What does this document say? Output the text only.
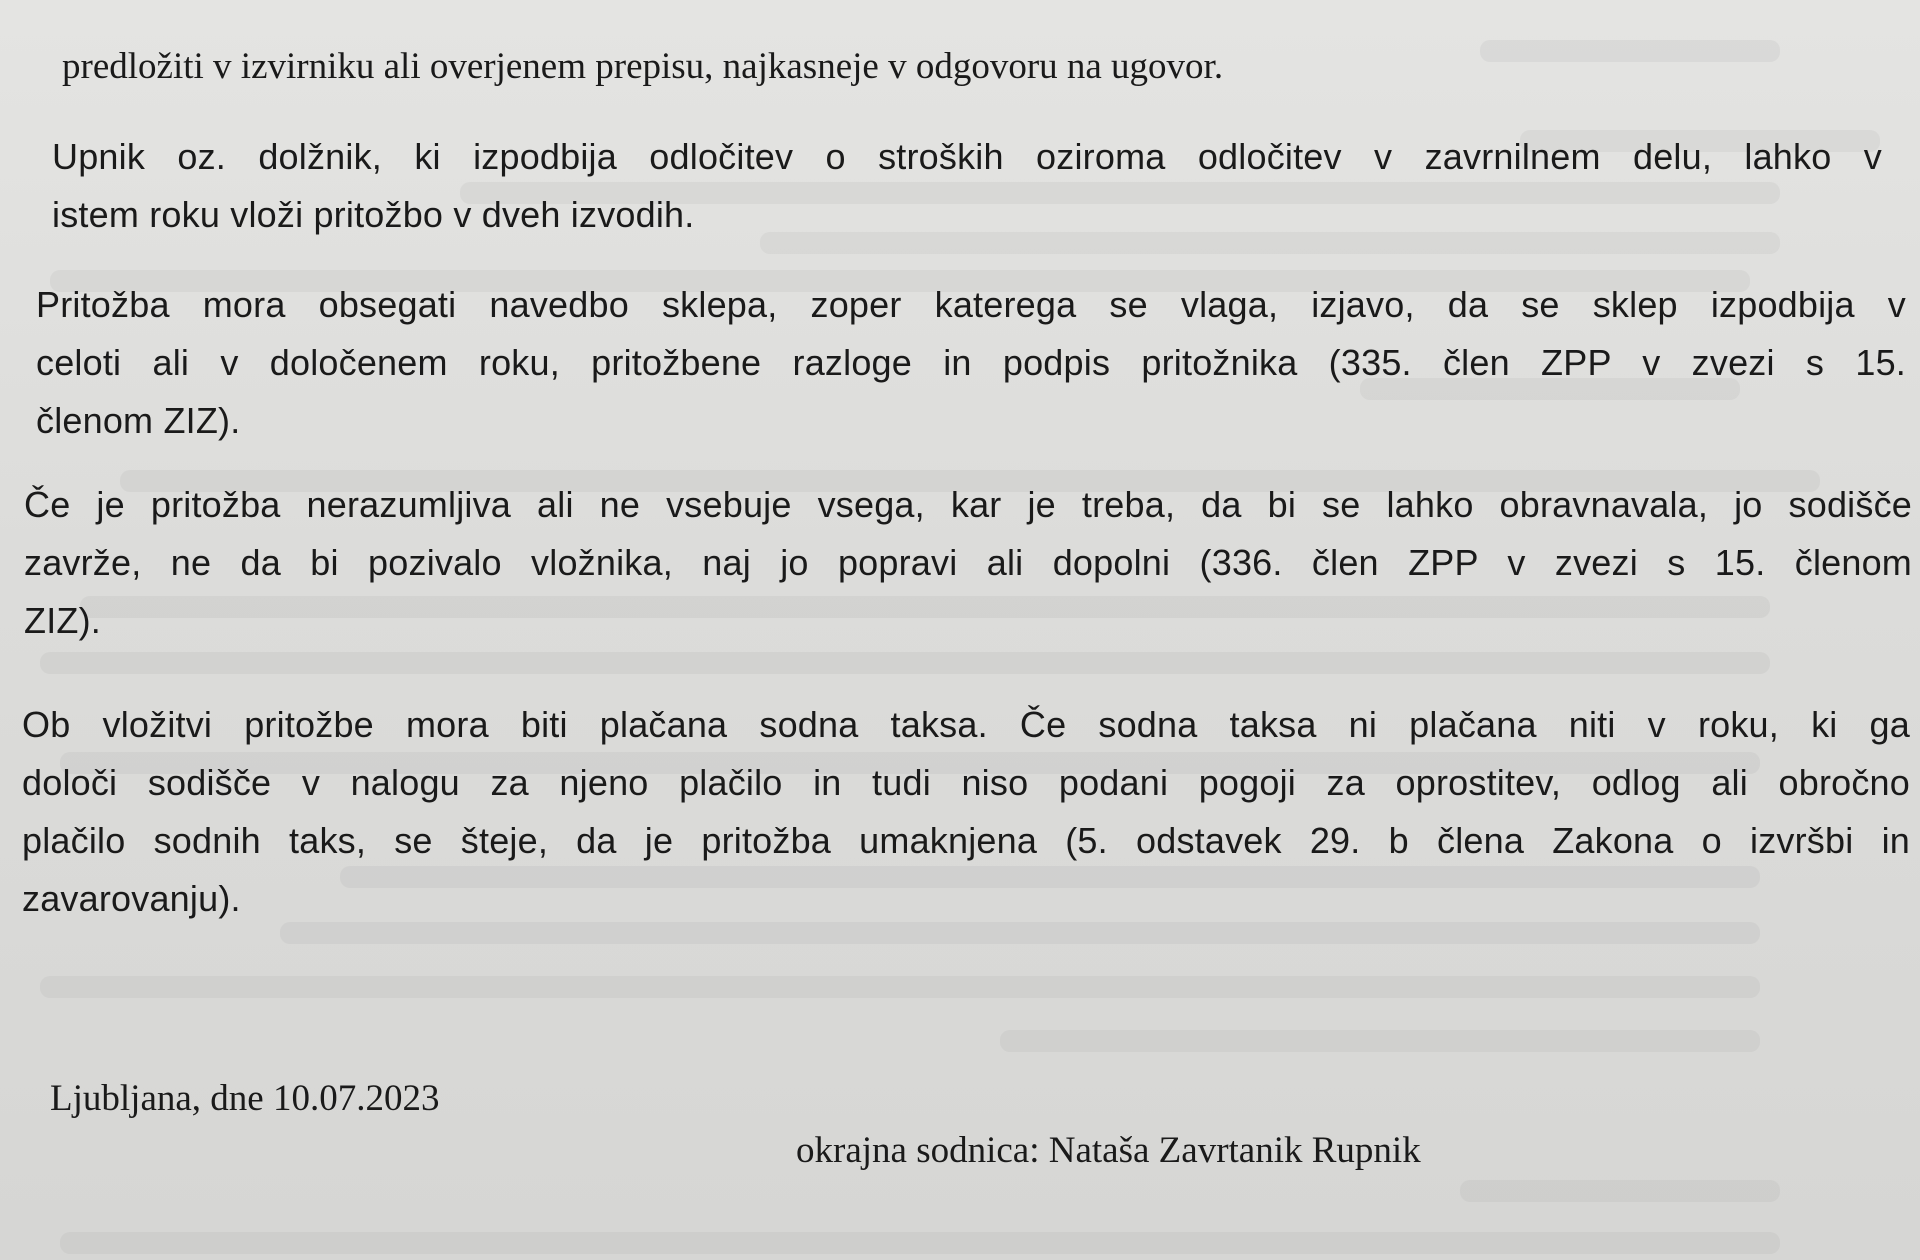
predložiti v izvirniku ali overjenem prepisu, najkasneje v odgovoru na ugovor.

Upnik oz. dolžnik, ki izpodbija odločitev o stroških oziroma odločitev v zavrnilnem delu, lahko v
istem roku vloži pritožbo v dveh izvodih.

Pritožba mora obsegati navedbo sklepa, zoper katerega se vlaga, izjavo, da se sklep izpodbija v
celoti ali v določenem roku, pritožbene razloge in podpis pritožnika (335. člen ZPP v zvezi s 15.
členom ZIZ).

Če je pritožba nerazumljiva ali ne vsebuje vsega, kar je treba, da bi se lahko obravnavala, jo sodišče
zavrže, ne da bi pozivalo vložnika, naj jo popravi ali dopolni (336. člen ZPP v zvezi s 15. členom
ZIZ).

Ob vložitvi pritožbe mora biti plačana sodna taksa. Če sodna taksa ni plačana niti v roku, ki ga
določi sodišče v nalogu za njeno plačilo in tudi niso podani pogoji za oprostitev, odlog ali obročno
plačilo sodnih taks, se šteje, da je pritožba umaknjena (5. odstavek 29. b člena Zakona o izvršbi in
zavarovanju).

Ljubljana, dne 10.07.2023

okrajna sodnica: Nataša Zavrtanik Rupnik
